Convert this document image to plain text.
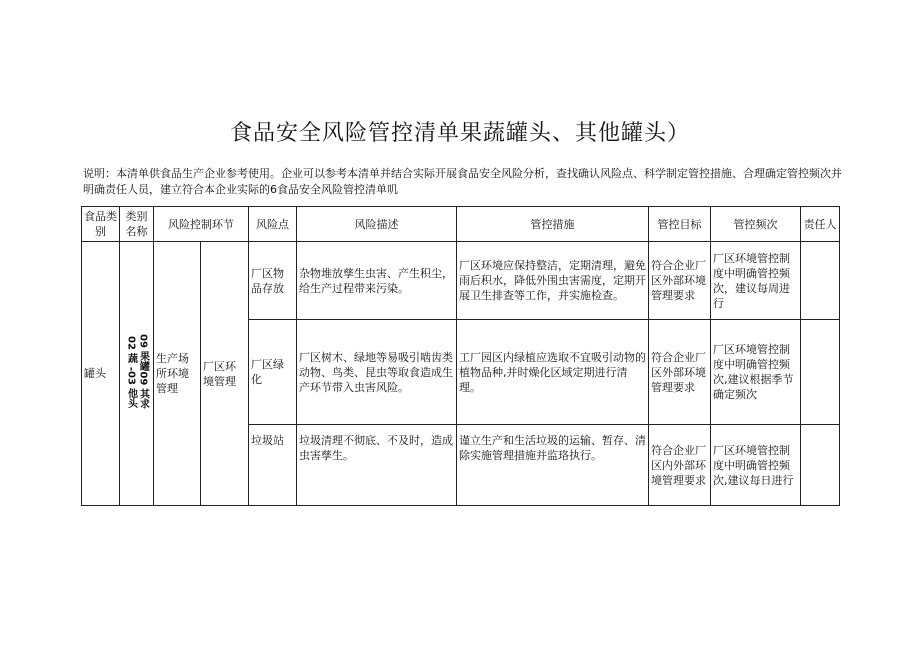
食品安全风险管控清单果蔬罐头、其他罐头）
说明：本清单供食品生产企业参考使用。企业可以参考本清单并结合实际开展食品安全风险分析，查找确认风险点、科学制定管控措施、合理确定管控频次并明确责任人员，建立符合本企业实际的6食品安全风险管控清单叽
食品类别	类别名称	风险控制环节		风险点	风险描述	管控措施	管控目标	管控频次	责任人
罐头	02 蔬 -03 他头09 果罐09 其求	生产场所环境管理	厂区环境管理	厂区物品存放	杂物堆放孳生虫害、产生积尘，给生产过程带来污染。	厂区环境应保持整洁，定期清理，避免雨后积水，降低外围虫害需度，定期开展卫生排查等工作，并实施检查。	符合企业厂区外部环境管理要求	厂区环境管控制度中明确管控频次，建议每周进行	
				厂区绿化	厂区树木、绿地等易吸引啮齿类动物、鸟类、昆虫等取食造成生产环节带入虫害风险。	工厂园区内绿植应选取不宜吸引动物的植物品种,并时燥化区域定期进行清理。	符合企业厂区外部环境管理要求	厂区环境管控制度中明确管控频次,建议根据季节确定频次	
				垃圾站	垃圾清理不彻底、不及时，造成虫害孳生。	谨立生产和生活垃圾的运输、暂存、清除实施管理措施并监珞执行。	符合企业厂区内外部环境管理要求	厂区环境管控制度中明确管控频次,建议每日进行	
